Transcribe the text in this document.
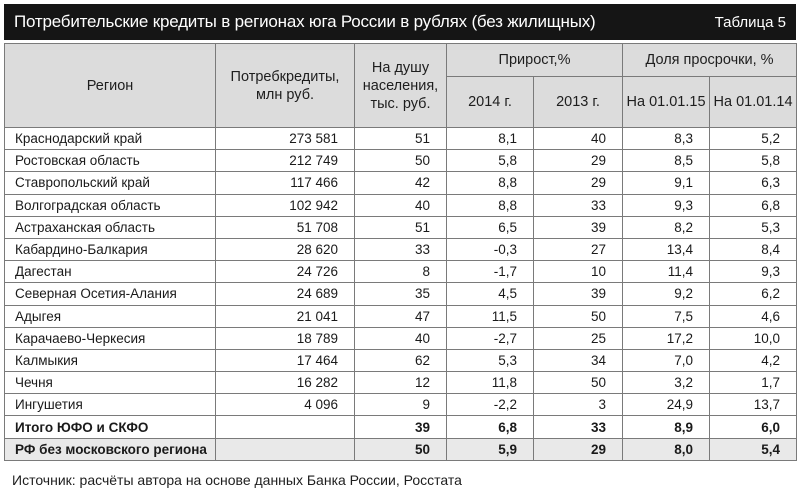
Потребительские кредиты в регионах юга России в рублях (без жилищных)	Таблица 5
Регион	Потребкредиты, млн руб.	На душу населения, тыс. руб.	Прирост,%		Доля просрочки, %	
			2014 г.	2013 г.	На 01.01.15	На 01.01.14
Краснодарский край	273 581	51	8,1	40	8,3	5,2
Ростовская область	212 749	50	5,8	29	8,5	5,8
Ставропольский край	117 466	42	8,8	29	9,1	6,3
Волгоградская область	102 942	40	8,8	33	9,3	6,8
Астраханская область	51 708	51	6,5	39	8,2	5,3
Кабардино-Балкария	28 620	33	-0,3	27	13,4	8,4
Дагестан	24 726	8	-1,7	10	11,4	9,3
Северная Осетия-Алания	24 689	35	4,5	39	9,2	6,2
Адыгея	21 041	47	11,5	50	7,5	4,6
Карачаево-Черкесия	18 789	40	-2,7	25	17,2	10,0
Калмыкия	17 464	62	5,3	34	7,0	4,2
Чечня	16 282	12	11,8	50	3,2	1,7
Ингушетия	4 096	9	-2,2	3	24,9	13,7
Итого ЮФО и СКФО		39	6,8	33	8,9	6,0
РФ без московского региона		50	5,9	29	8,0	5,4
Источник: расчёты автора на основе данных Банка России, Росстата
